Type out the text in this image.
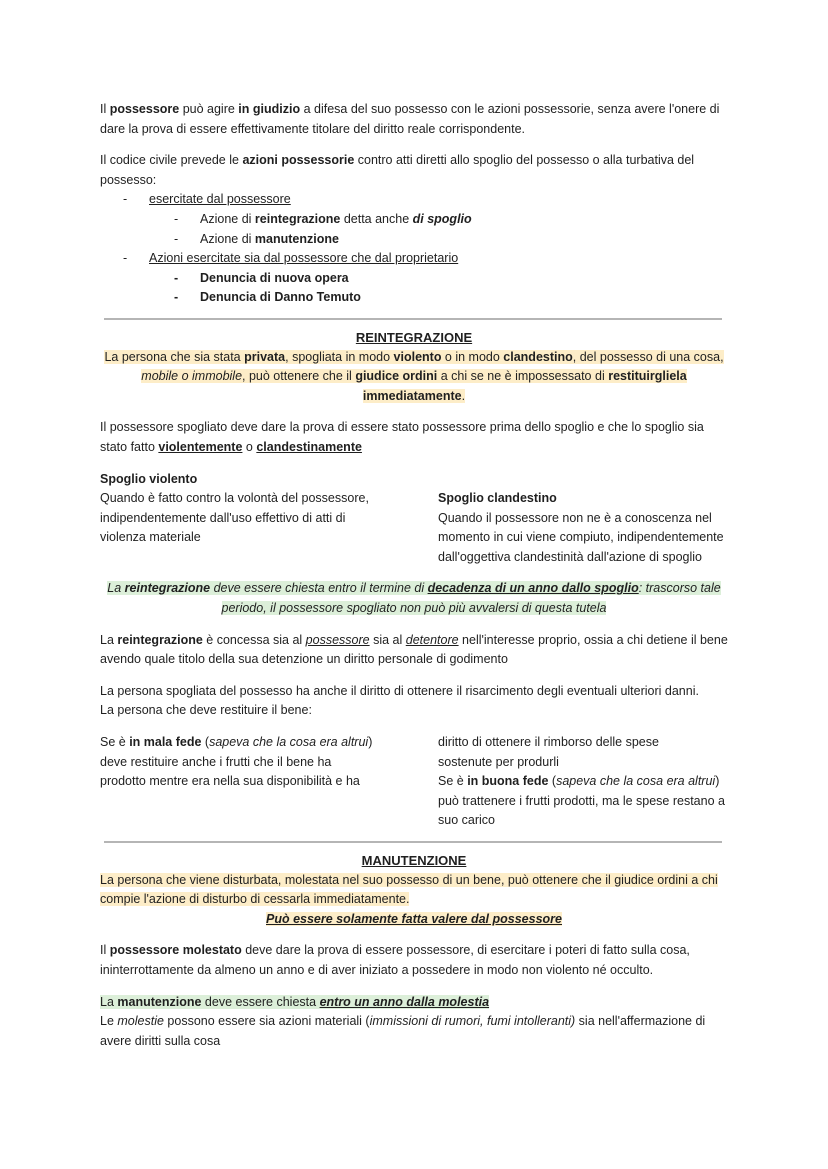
Il possessore può agire in giudizio a difesa del suo possesso con le azioni possessorie, senza avere l'onere di dare la prova di essere effettivamente titolare del diritto reale corrispondente.

Il codice civile prevede le azioni possessorie contro atti diretti allo spoglio del possesso o alla turbativa del possesso:

- esercitate dal possessore
- Azione di reintegrazione detta anche di spoglio
- Azione di manutenzione
- Azioni esercitate sia dal possessore che dal proprietario
- Denuncia di nuova opera
- Denuncia di Danno Temuto

REINTEGRAZIONE

La persona che sia stata privata, spogliata in modo violento o in modo clandestino, del possesso di una cosa, mobile o immobile, può ottenere che il giudice ordini a chi se ne è impossessato di restituirgliela immediatamente.

Il possessore spogliato deve dare la prova di essere stato possessore prima dello spoglio e che lo spoglio sia stato fatto violentemente o clandestinamente

Spoglio violento

Quando è fatto contro la volontà del possessore, indipendentemente dall'uso effettivo di atti di violenza materiale

Spoglio clandestino

Quando il possessore non ne è a conoscenza nel momento in cui viene compiuto, indipendentemente dall'oggettiva clandestinità dall'azione di spoglio

La reintegrazione deve essere chiesta entro il termine di decadenza di un anno dallo spoglio: trascorso tale periodo, il possessore spogliato non può più avvalersi di questa tutela

La reintegrazione è concessa sia al possessore sia al detentore nell'interesse proprio, ossia a chi detiene il bene avendo quale titolo della sua detenzione un diritto personale di godimento

La persona spogliata del possesso ha anche il diritto di ottenere il risarcimento degli eventuali ulteriori danni.

La persona che deve restituire il bene:

Se è in mala fede (sapeva che la cosa era altrui) deve restituire anche i frutti che il bene ha prodotto mentre era nella sua disponibilità e ha

diritto di ottenere il rimborso delle spese sostenute per produrli

Se è in buona fede (sapeva che la cosa era altrui) può trattenere i frutti prodotti, ma le spese restano a suo carico

MANUTENZIONE

La persona che viene disturbata, molestata nel suo possesso di un bene, può ottenere che il giudice ordini a chi compie l'azione di disturbo di cessarla immediatamente.

Può essere solamente fatta valere dal possessore

Il possessore molestato deve dare la prova di essere possessore, di esercitare i poteri di fatto sulla cosa, ininterrottamente da almeno un anno e di aver iniziato a possedere in modo non violento né occulto.

La manutenzione deve essere chiesta entro un anno dalla molestia

Le molestie possono essere sia azioni materiali (immissioni di rumori, fumi intolleranti) sia nell'affermazione di avere diritti sulla cosa
